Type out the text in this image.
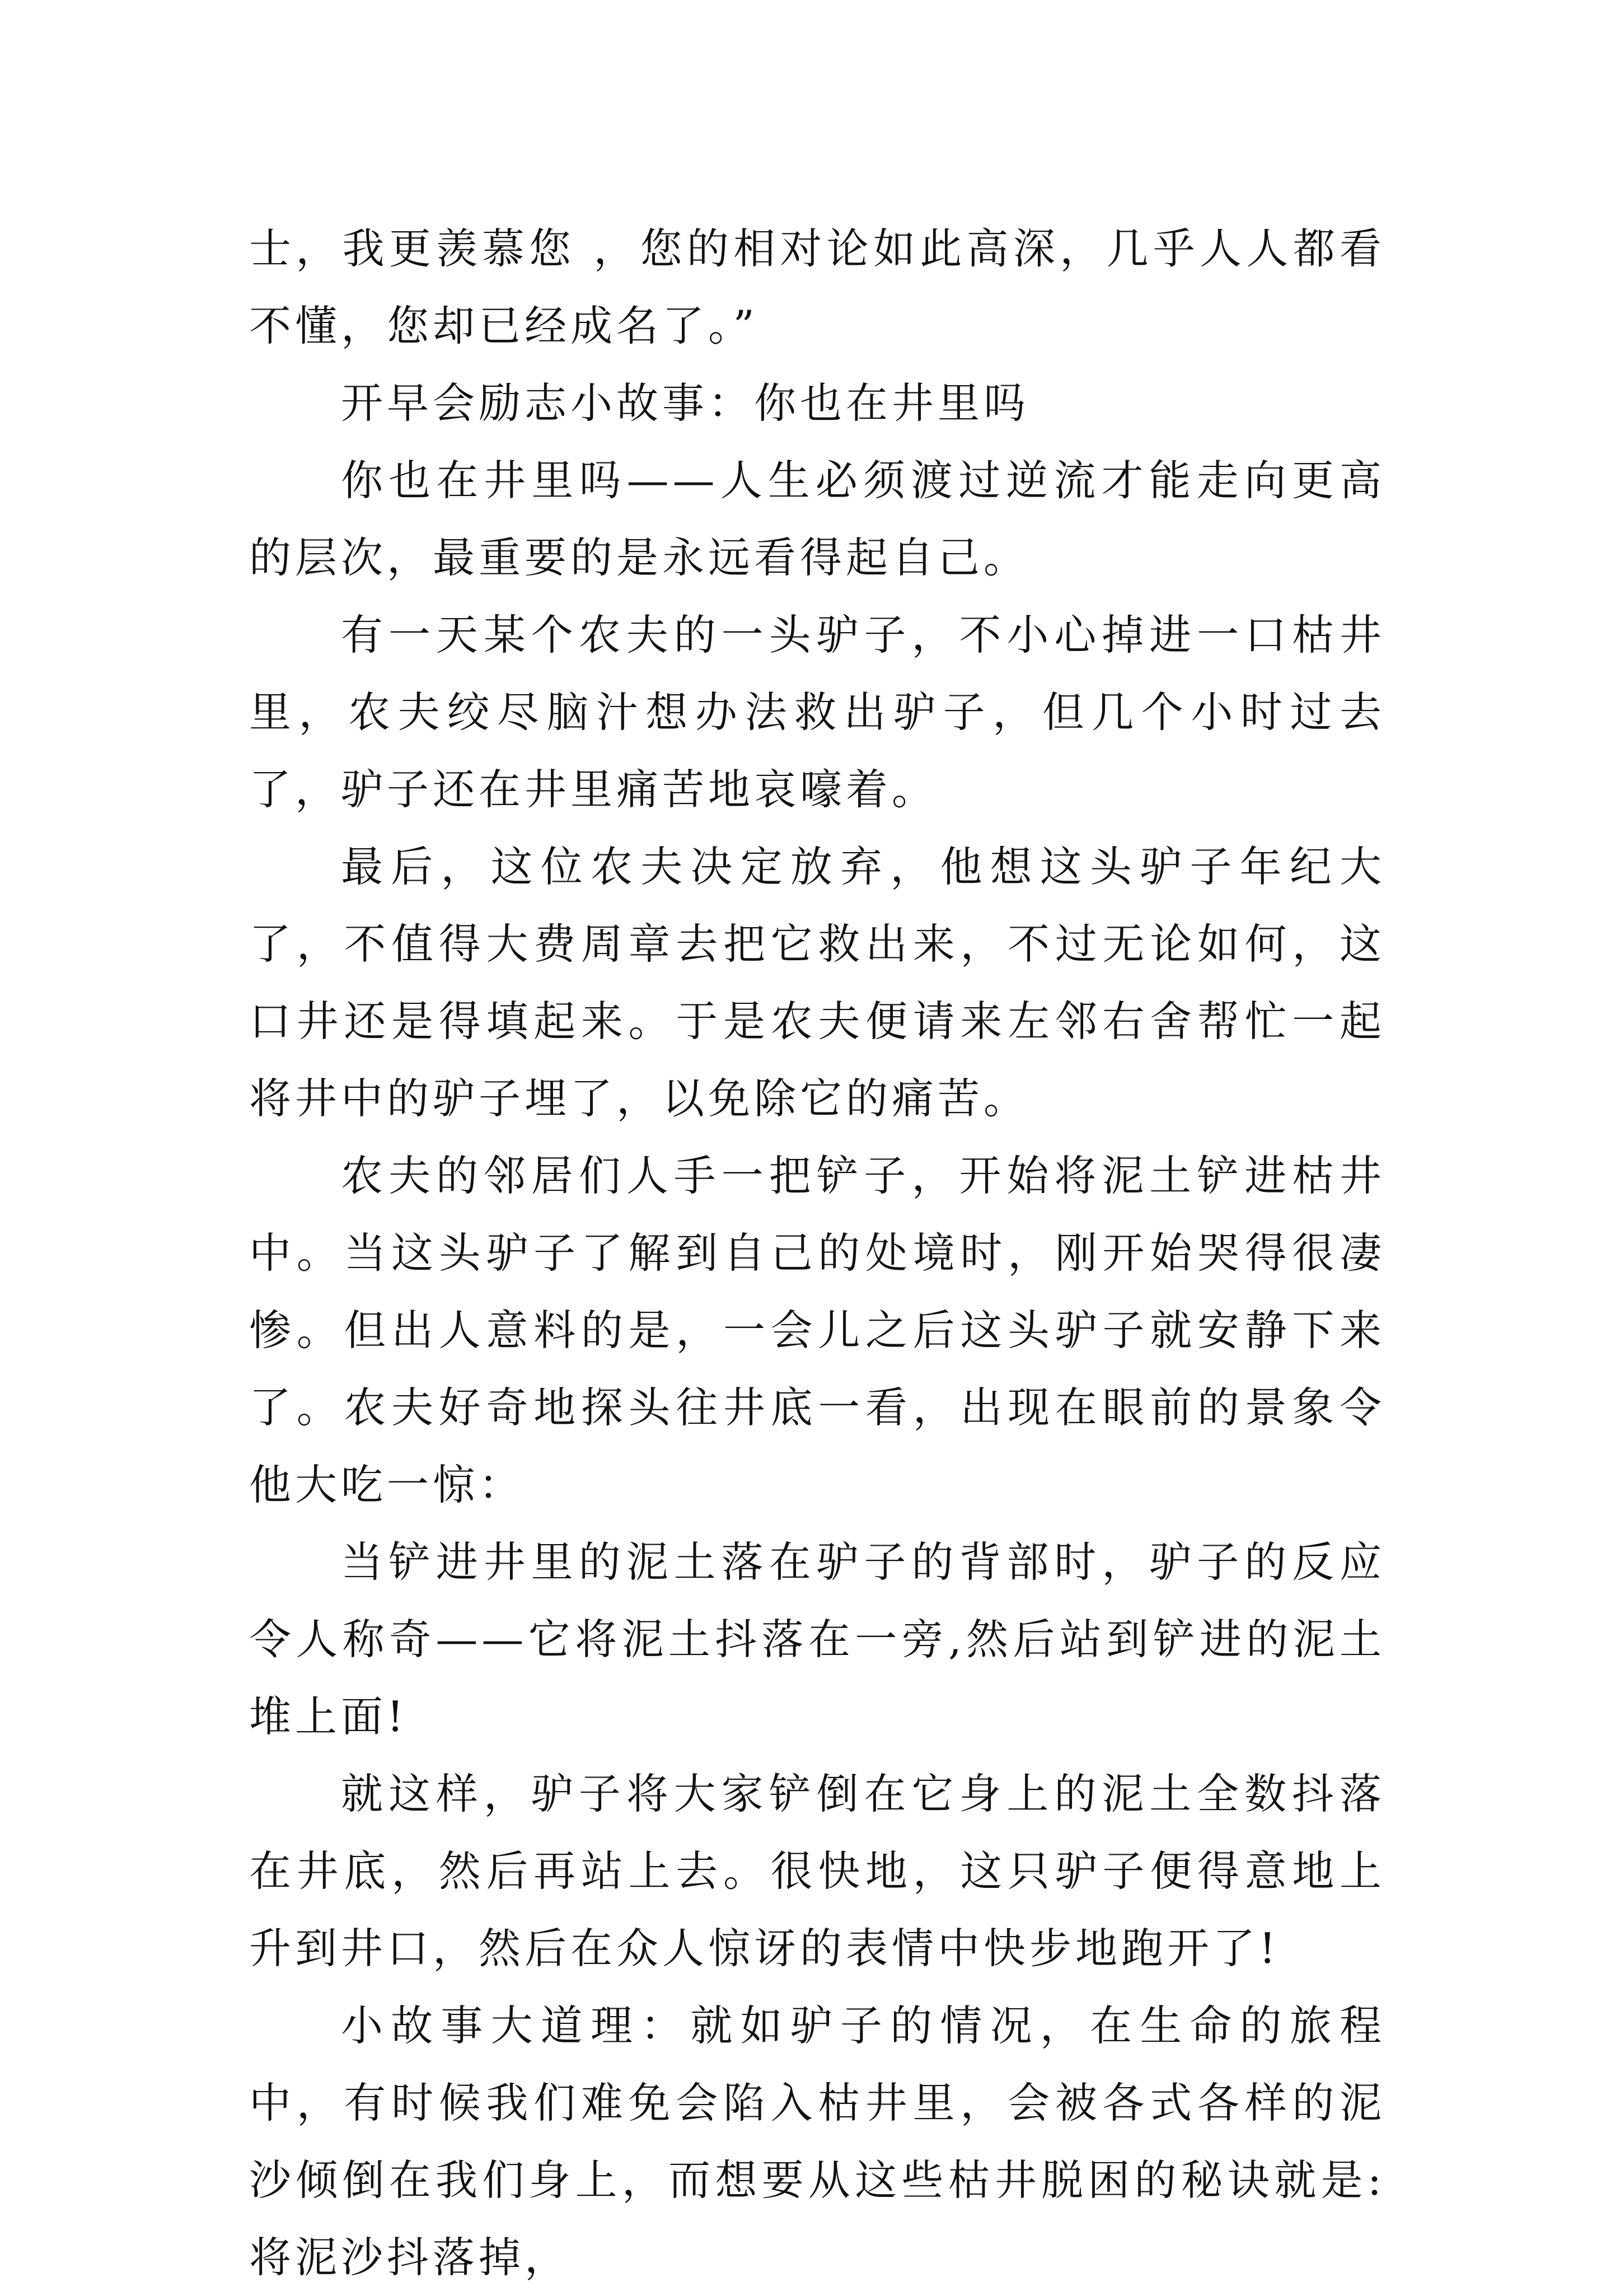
士，我更羡慕您 ，您的相对论如此高深，几乎人人都看不懂，您却已经成名了。”

开早会励志小故事：你也在井里吗

你也在井里吗——人生必须渡过逆流才能走向更高的层次，最重要的是永远看得起自己。

有一天某个农夫的一头驴子，不小心掉进一口枯井里，农夫绞尽脑汁想办法救出驴子，但几个小时过去了，驴子还在井里痛苦地哀嚎着。

最后，这位农夫决定放弃，他想这头驴子年纪大了，不值得大费周章去把它救出来，不过无论如何，这口井还是得填起来。于是农夫便请来左邻右舍帮忙一起将井中的驴子埋了，以免除它的痛苦。

农夫的邻居们人手一把铲子，开始将泥土铲进枯井中。当这头驴子了解到自己的处境时，刚开始哭得很凄惨。但出人意料的是，一会儿之后这头驴子就安静下来了。农夫好奇地探头往井底一看，出现在眼前的景象令他大吃一惊：

当铲进井里的泥土落在驴子的背部时，驴子的反应令人称奇——它将泥土抖落在一旁,然后站到铲进的泥土堆上面!

就这样，驴子将大家铲倒在它身上的泥土全数抖落在井底，然后再站上去。很快地，这只驴子便得意地上升到井口，然后在众人惊讶的表情中快步地跑开了!

小故事大道理：就如驴子的情况，在生命的旅程中，有时候我们难免会陷入枯井里，会被各式各样的泥沙倾倒在我们身上，而想要从这些枯井脱困的秘诀就是:将泥沙抖落掉，
